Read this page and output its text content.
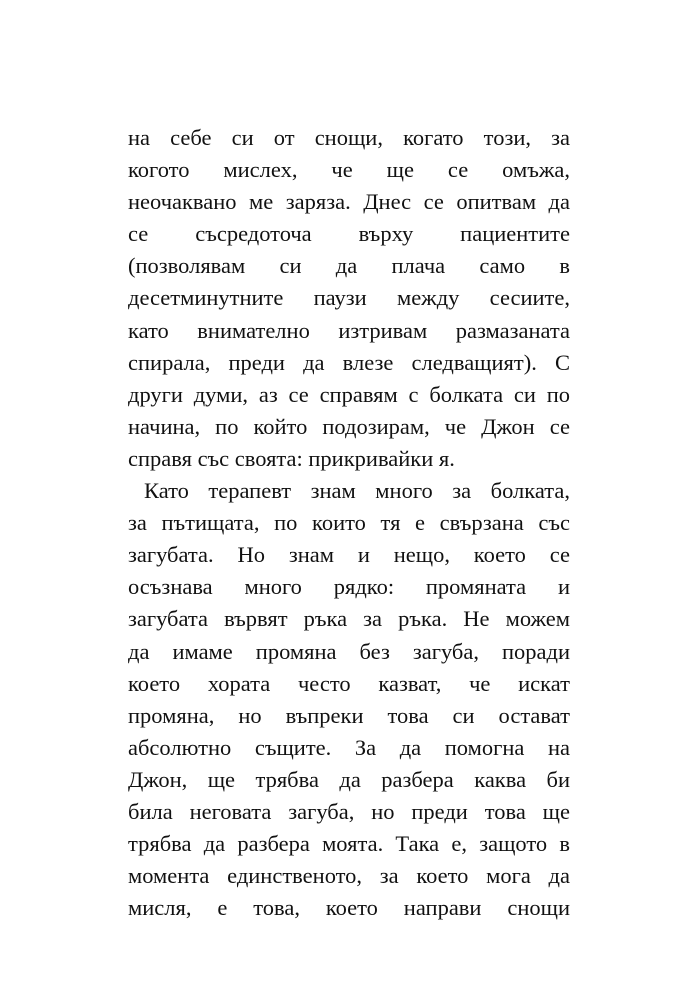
на себе си от снощи, когато този, за
когото мислех, че ще се омъжа,
неочаквано ме заряза. Днес се опитвам да
се съсредоточа върху пациентите
(позволявам си да плача само в
десетминутните паузи между сесиите,
като внимателно изтривам размазаната
спирала, преди да влезе следващият). С
други думи, аз се справям с болката си по
начина, по който подозирам, че Джон се
справя със своята: прикривайки я.
Като терапевт знам много за болката,
за пътищата, по които тя е свързана със
загубата. Но знам и нещо, което се
осъзнава много рядко: промяната и
загубата вървят ръка за ръка. Не можем
да имаме промяна без загуба, поради
което хората често казват, че искат
промяна, но въпреки това си остават
абсолютно същите. За да помогна на
Джон, ще трябва да разбера каква би
била неговата загуба, но преди това ще
трябва да разбера моята. Така е, защото в
момента единственото, за което мога да
мисля, е това, което направи снощи
